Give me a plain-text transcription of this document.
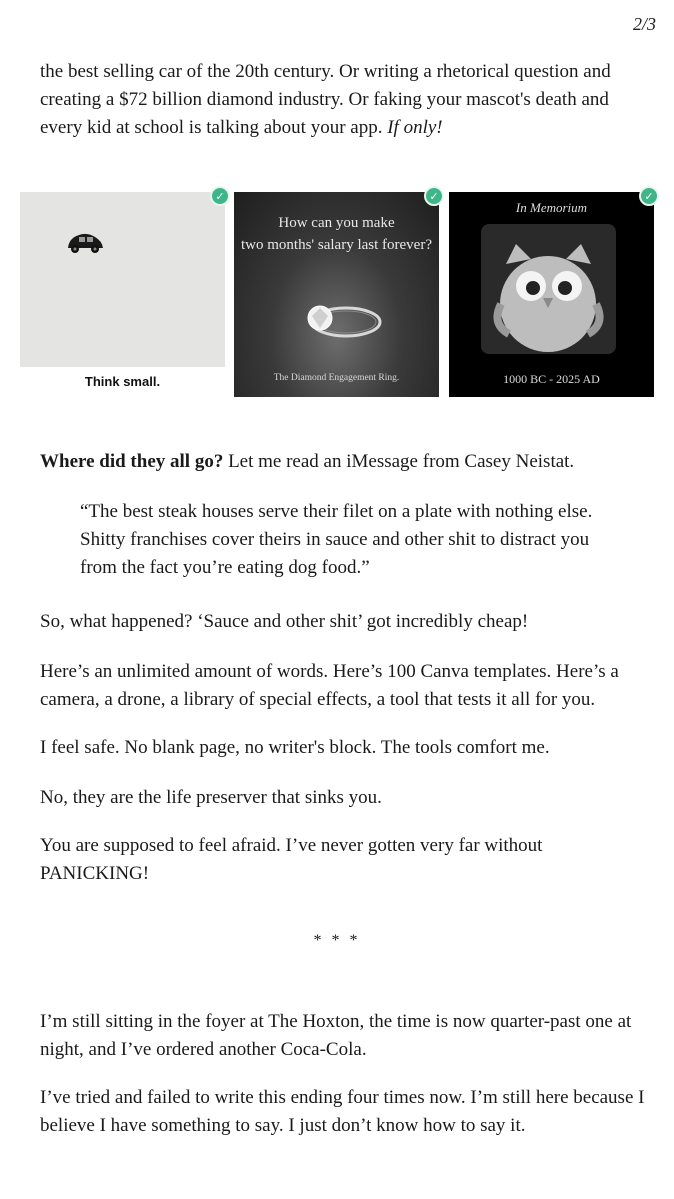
2/3

the best selling car of the 20th century. Or writing a rhetorical question and creating a $72 billion diamond industry. Or faking your mascot's death and every kid at school is talking about your app. If only!

Think small.
✓
How can you make
two months' salary last forever?
The Diamond Engagement Ring.
✓
In Memorium
1000 BC - 2025 AD
✓

Where did they all go? Let me read an iMessage from Casey Neistat.

“The best steak houses serve their filet on a plate with nothing else. Shitty franchises cover theirs in sauce and other shit to distract you from the fact you’re eating dog food.”

So, what happened? ‘Sauce and other shit’ got incredibly cheap!

Here’s an unlimited amount of words. Here’s 100 Canva templates. Here’s a camera, a drone, a library of special effects, a tool that tests it all for you.

I feel safe. No blank page, no writer's block. The tools comfort me.

No, they are the life preserver that sinks you.

You are supposed to feel afraid. I’ve never gotten very far without PANICKING!

* * *

I’m still sitting in the foyer at The Hoxton, the time is now quarter-past one at night, and I’ve ordered another Coca-Cola.

I’ve tried and failed to write this ending four times now. I’m still here because I believe I have something to say. I just don’t know how to say it.
